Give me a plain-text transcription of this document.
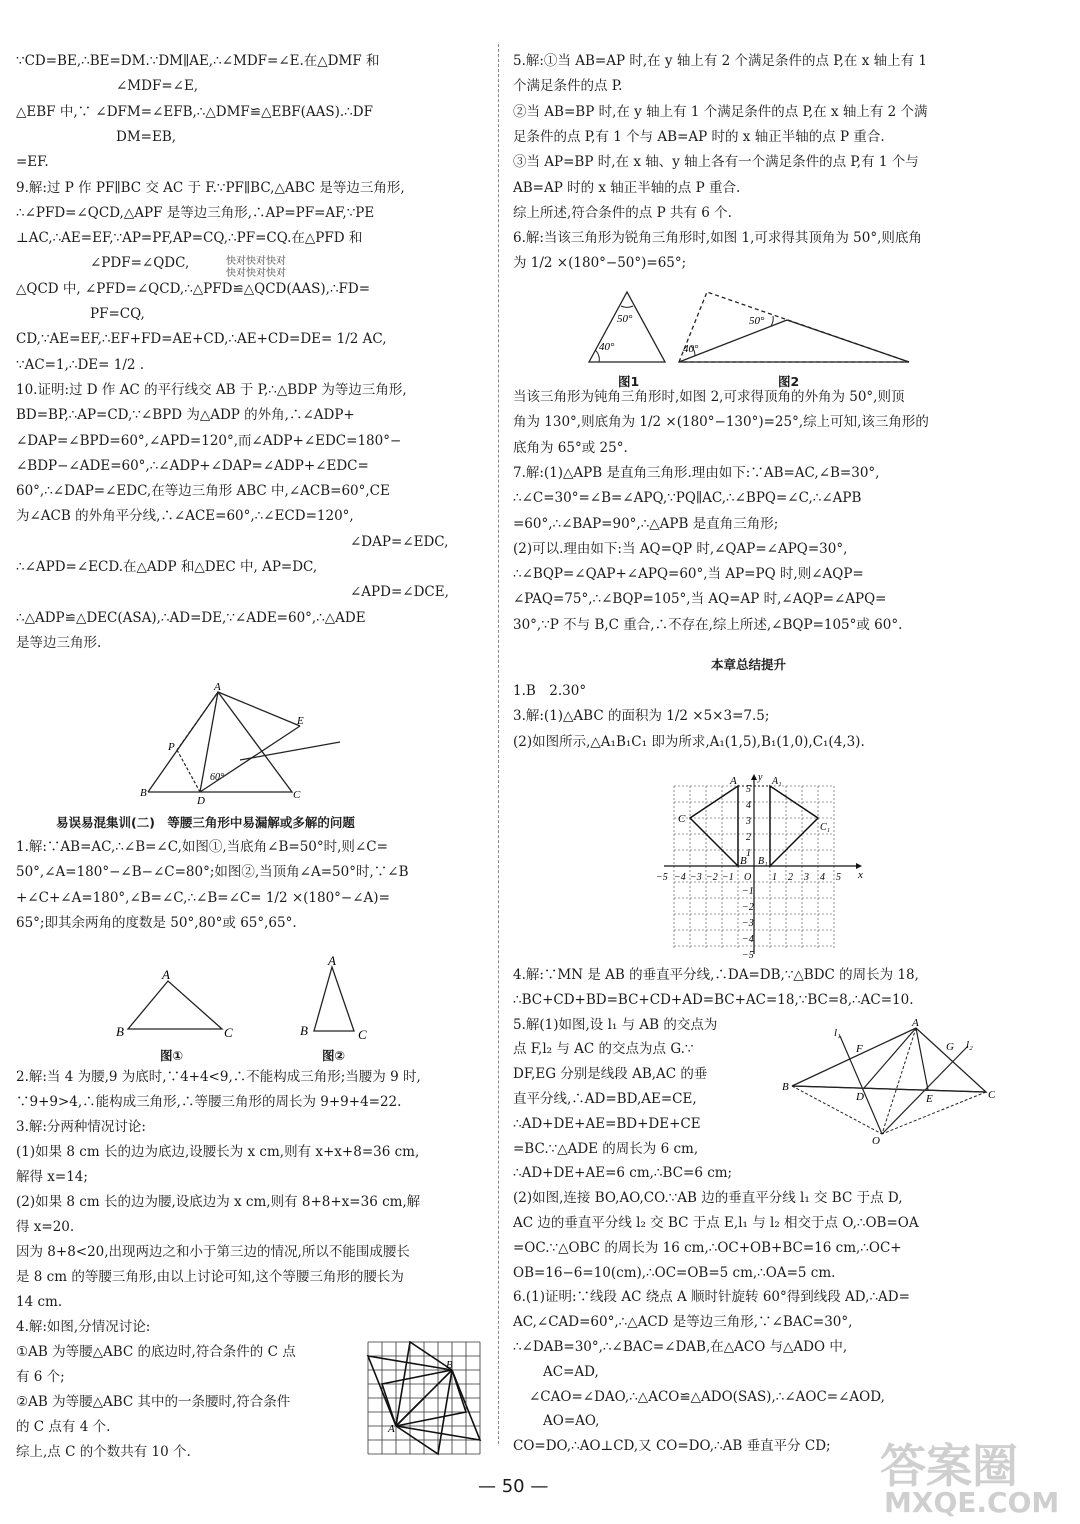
∵CD=BE,∴BE=DM.∵DM∥AE,∴∠MDF=∠E.在△DMF 和
∠MDF=∠E,
△EBF 中,∵ ∠DFM=∠EFB,∴△DMF≌△EBF(AAS).∴DF
DM=EB,
=EF.
9.解:过 P 作 PF∥BC 交 AC 于 F.∵PF∥BC,△ABC 是等边三角形,
∴∠PFD=∠QCD,△APF 是等边三角形,∴AP=PF=AF,∵PE
⊥AC,∴AE=EF,∵AP=PF,AP=CQ,∴PF=CQ.在△PFD 和
∠PDF=∠QDC,
△QCD 中, ∠PFD=∠QCD,∴△PFD≌△QCD(AAS),∴FD=
PF=CQ,
CD,∵AE=EF,∴EF+FD=AE+CD,∴AE+CD=DE= 1/2 AC,
∵AC=1,∴DE= 1/2 .
10.证明:过 D 作 AC 的平行线交 AB 于 P,∴△BDP 为等边三角形,
BD=BP,∴AP=CD,∵∠BPD 为△ADP 的外角,∴∠ADP+
∠DAP=∠BPD=60°,∠APD=120°,而∠ADP+∠EDC=180°−
∠BDP−∠ADE=60°,∴∠ADP+∠DAP=∠ADP+∠EDC=
60°,∴∠DAP=∠EDC,在等边三角形 ABC 中,∠ACB=60°,CE
为∠ACB 的外角平分线,∴∠ACE=60°,∴∠ECD=120°,
∠DAP=∠EDC,
∴∠APD=∠ECD.在△ADP 和△DEC 中, AP=DC,
∠APD=∠DCE,
∴△ADP≌△DEC(ASA),∴AD=DE,∵∠ADE=60°,∴△ADE
是等边三角形.
易误易混集训(二)　等腰三角形中易漏解或多解的问题
1.解:∵AB=AC,∴∠B=∠C,如图①,当底角∠B=50°时,则∠C=
50°,∠A=180°−∠B−∠C=80°;如图②,当顶角∠A=50°时,∵∠B
+∠C+∠A=180°,∠B=∠C,∴∠B=∠C= 1/2 ×(180°−∠A)=
65°;即其余两角的度数是 50°,80°或 65°,65°.
2.解:当 4 为腰,9 为底时,∵4+4<9,∴不能构成三角形;当腰为 9 时,
∵9+9>4,∴能构成三角形,∴等腰三角形的周长为 9+9+4=22.
3.解:分两种情况讨论:
(1)如果 8 cm 长的边为底边,设腰长为 x cm,则有 x+x+8=36 cm,
解得 x=14;
(2)如果 8 cm 长的边为腰,设底边为 x cm,则有 8+8+x=36 cm,解
得 x=20.
因为 8+8<20,出现两边之和小于第三边的情况,所以不能围成腰长
是 8 cm 的等腰三角形,由以上讨论可知,这个等腰三角形的腰长为
14 cm.
4.解:如图,分情况讨论:
①AB 为等腰△ABC 的底边时,符合条件的 C 点
有 6 个;
②AB 为等腰△ABC 其中的一条腰时,符合条件
的 C 点有 4 个.
综上,点 C 的个数共有 10 个.
5.解:①当 AB=AP 时,在 y 轴上有 2 个满足条件的点 P,在 x 轴上有 1
个满足条件的点 P.
②当 AB=BP 时,在 y 轴上有 1 个满足条件的点 P,在 x 轴上有 2 个满
足条件的点 P,有 1 个与 AB=AP 时的 x 轴正半轴的点 P 重合.
③当 AP=BP 时,在 x 轴、y 轴上各有一个满足条件的点 P,有 1 个与
AB=AP 时的 x 轴正半轴的点 P 重合.
综上所述,符合条件的点 P 共有 6 个.
6.解:当该三角形为锐角三角形时,如图 1,可求得其顶角为 50°,则底角
为 1/2 ×(180°−50°)=65°;
当该三角形为钝角三角形时,如图 2,可求得顶角的外角为 50°,则顶
角为 130°,则底角为 1/2 ×(180°−130°)=25°,综上可知,该三角形的
底角为 65°或 25°.
7.解:(1)△APB 是直角三角形.理由如下:∵AB=AC,∠B=30°,
∴∠C=30°=∠B=∠APQ,∵PQ∥AC,∴∠BPQ=∠C,∴∠APB
=60°,∴∠BAP=90°,∴△APB 是直角三角形;
(2)可以.理由如下:当 AQ=QP 时,∠QAP=∠APQ=30°,
∴∠BQP=∠QAP+∠APQ=60°,当 AP=PQ 时,则∠AQP=
∠PAQ=75°,∴∠BQP=105°,当 AQ=AP 时,∠AQP=∠APQ=
30°,∵P 不与 B,C 重合,∴不存在,综上所述,∠BQP=105°或 60°.
本章总结提升
1.B　2.30°
3.解:(1)△ABC 的面积为 1/2 ×5×3=7.5;
(2)如图所示,△A₁B₁C₁ 即为所求,A₁(1,5),B₁(1,0),C₁(4,3).
4.解:∵MN 是 AB 的垂直平分线,∴DA=DB,∵△BDC 的周长为 18,
∴BC+CD+BD=BC+CD+AD=BC+AC=18,∵BC=8,∴AC=10.
5.解(1)如图,设 l₁ 与 AB 的交点为
点 F,l₂ 与 AC 的交点为点 G.∵
DF,EG 分别是线段 AB,AC 的垂
直平分线,∴AD=BD,AE=CE,
∴AD+DE+AE=BD+DE+CE
=BC.∵△ADE 的周长为 6 cm,
∴AD+DE+AE=6 cm,∴BC=6 cm;
(2)如图,连接 BO,AO,CO.∵AB 边的垂直平分线 l₁ 交 BC 于点 D,
AC 边的垂直平分线 l₂ 交 BC 于点 E,l₁ 与 l₂ 相交于点 O,∴OB=OA
=OC.∵△OBC 的周长为 16 cm,∴OC+OB+BC=16 cm,∴OC+
OB=16−6=10(cm),∴OC=OB=5 cm,∴OA=5 cm.
6.(1)证明:∵线段 AC 绕点 A 顺时针旋转 60°得到线段 AD,∴AD=
AC,∠CAD=60°,∴△ACD 是等边三角形,∵∠BAC=30°,
∴∠DAB=30°,∴∠BAC=∠DAB,在△ACO 与△ADO 中,
AC=AD,
∠CAO=∠DAO,∴△ACO≌△ADO(SAS),∴∠AOC=∠AOD,
AO=AO,
CO=DO,∴AO⊥CD,又 CO=DO,∴AB 垂直平分 CD;
A
B	C
D
E
P
60°
A
B	C
A
B	C
图①	图②
B
A
50°
40°	40°
50°
图1	图2
−5 −4 −3 −2 −1 O 1 2 3 4 5
5
4
3
2
1
−1
−2
−3
−4
−5
A	A₁
y
x
C
C₁
B B₁
l₁
l₂
A
B
C
F	G
D	E
O
快对快对快对
快对快对快对
— 50 —	答案圈
MXQE.COM
